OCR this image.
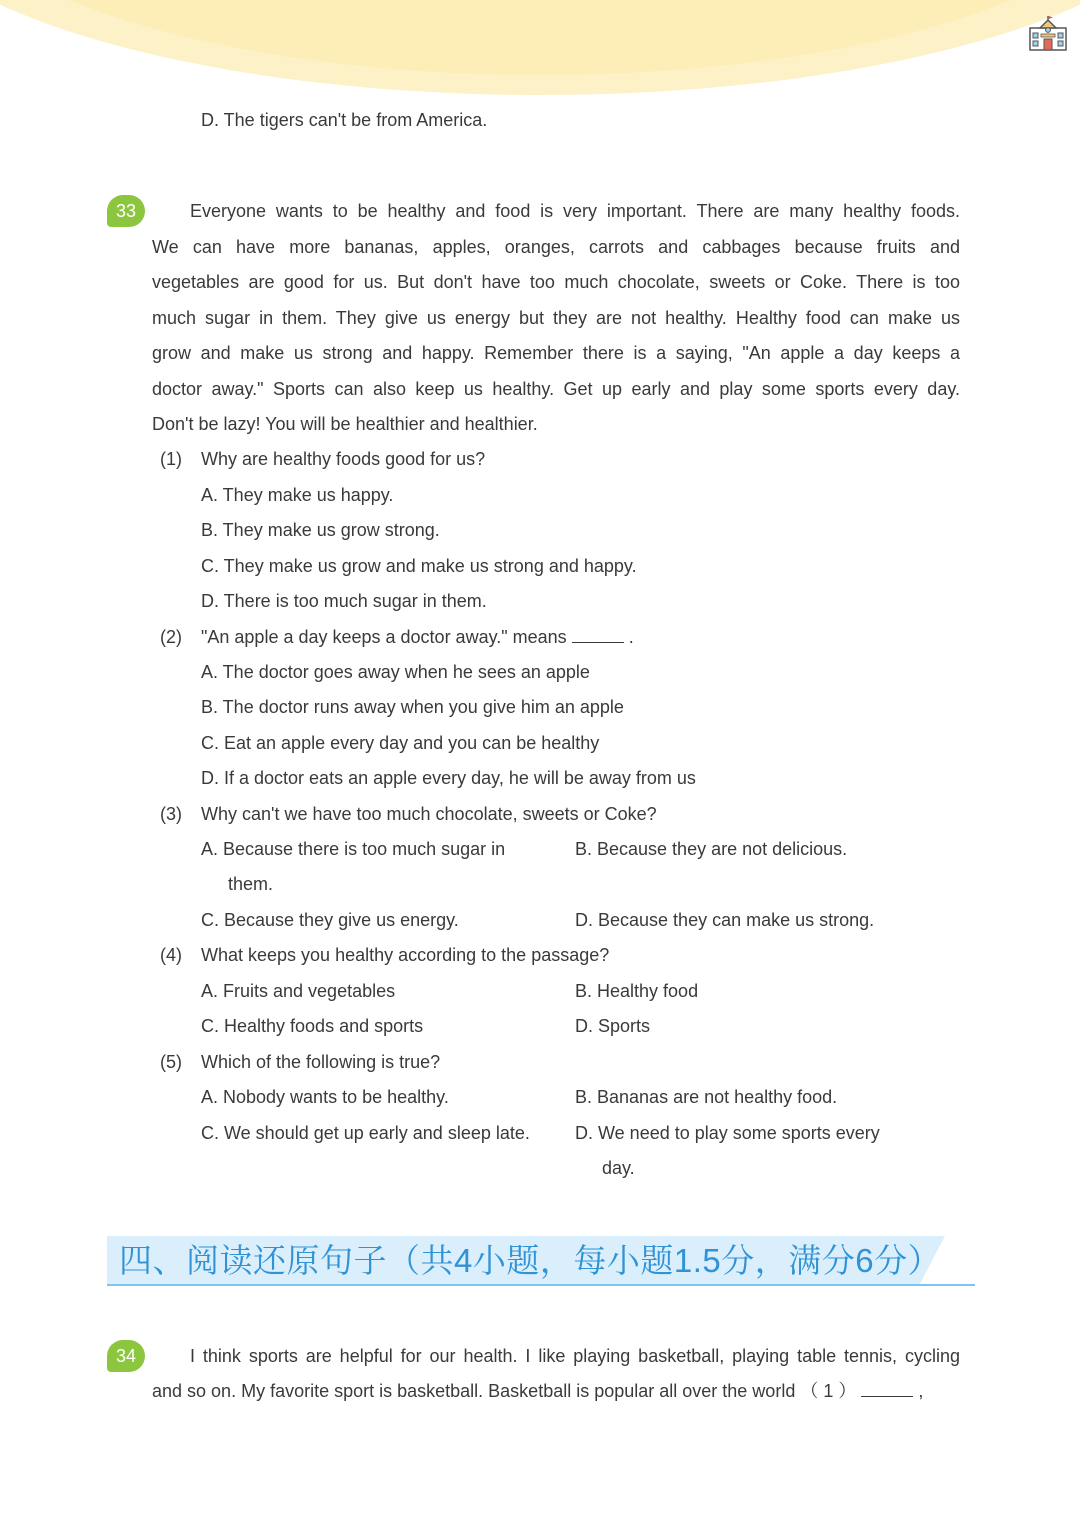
D. The tigers can't be from America.
33	Everyone wants to be healthy and food is very important. There are many healthy foods.
We can have more bananas, apples, oranges, carrots and cabbages because fruits and
vegetables are good for us. But don't have too much chocolate, sweets or Coke. There is too
much sugar in them. They give us energy but they are not healthy. Healthy food can make us
grow and make us strong and happy. Remember there is a saying, "An apple a day keeps a
doctor away." Sports can also keep us healthy. Get up early and play some sports every day.
Don't be lazy! You will be healthier and healthier.
(1) Why are healthy foods good for us?
A. They make us happy.
B. They make us grow strong.
C. They make us grow and make us strong and happy.
D. There is too much sugar in them.
(2) "An apple a day keeps a doctor away." means	.
A. The doctor goes away when he sees an apple
B. The doctor runs away when you give him an apple
C. Eat an apple every day and you can be healthy
D. If a doctor eats an apple every day, he will be away from us
(3) Why can't we have too much chocolate, sweets or Coke?
A. Because there is too much sugar in
them.
B. Because they are not delicious.
C. Because they give us energy.	D. Because they can make us strong.
(4) What keeps you healthy according to the passage?
A. Fruits and vegetables	B. Healthy food
C. Healthy foods and sports	D. Sports
(5) Which of the following is true?
A. Nobody wants to be healthy.	B. Bananas are not healthy food.
C. We should get up early and sleep late.	D. We need to play some sports every
day.
四、阅读还原句子（共4小题，每小题1.5分，满分6分）
34	I think sports are helpful for our health. I like playing basketball, playing table tennis, cycling
and so on. My favorite sport is basketball. Basketball is popular all over the world （ 1 ）	,
